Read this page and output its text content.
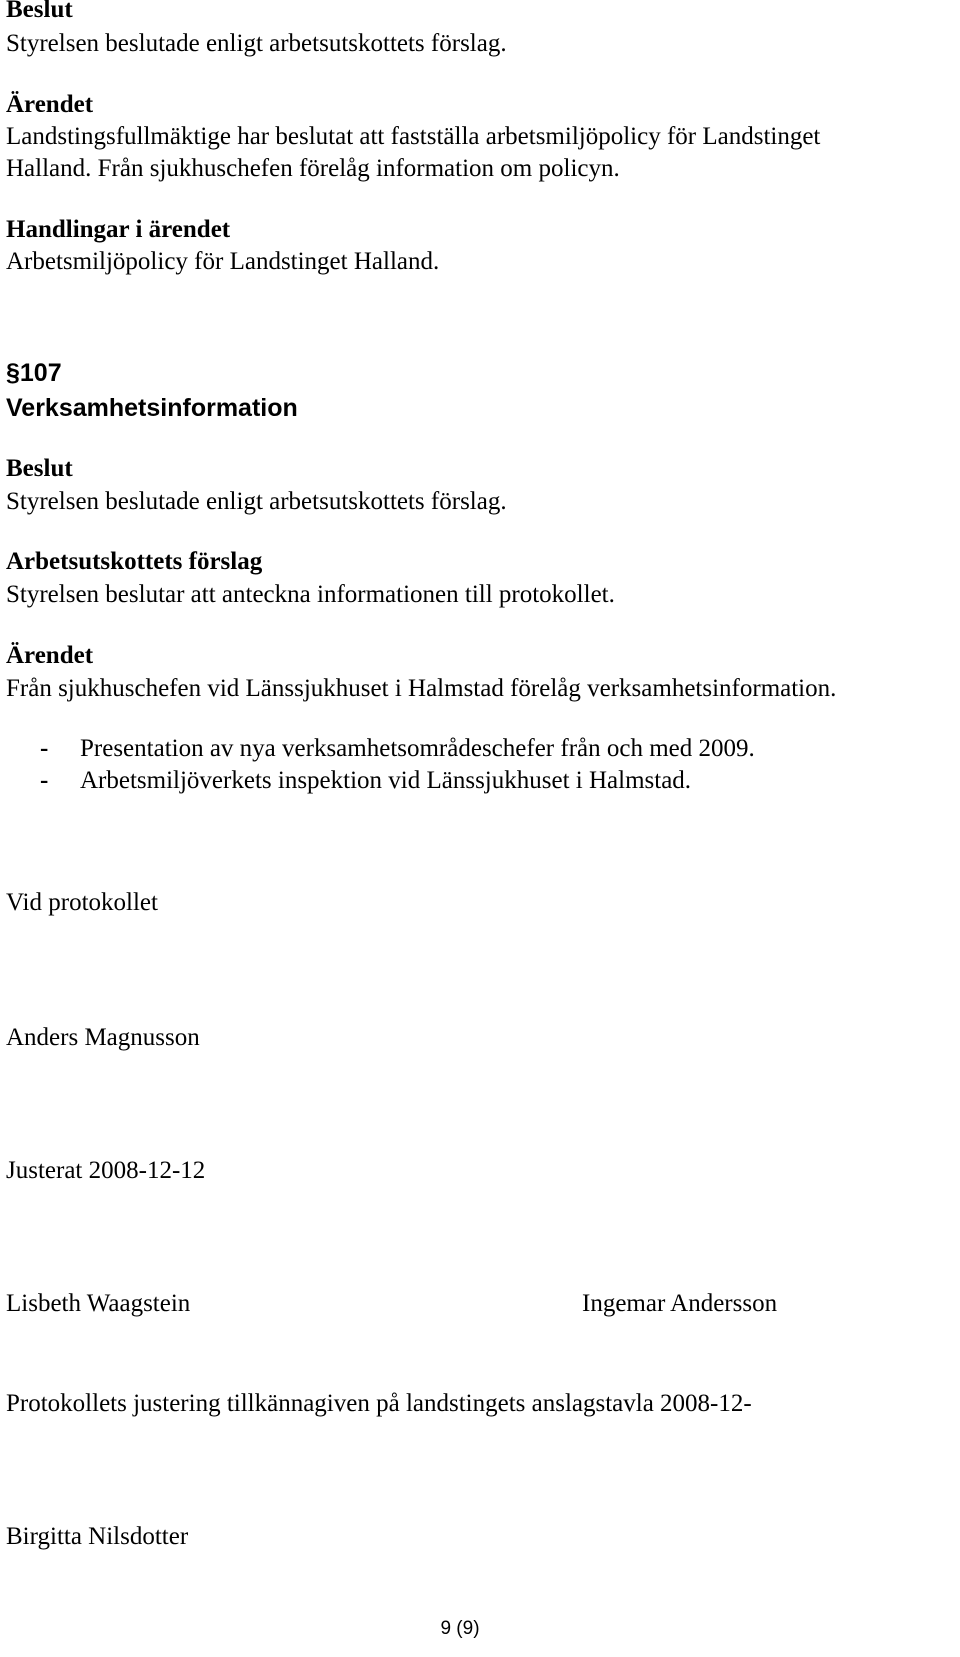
Beslut
Styrelsen beslutade enligt arbetsutskottets förslag.
Ärendet
Landstingsfullmäktige har beslutat att fastställa arbetsmiljöpolicy för Landstinget
Halland. Från sjukhuschefen förelåg information om policyn.
Handlingar i ärendet
Arbetsmiljöpolicy för Landstinget Halland.
§107
Verksamhetsinformation
Beslut
Styrelsen beslutade enligt arbetsutskottets förslag.
Arbetsutskottets förslag
Styrelsen beslutar att anteckna informationen till protokollet.
Ärendet
Från sjukhuschefen vid Länssjukhuset i Halmstad förelåg verksamhetsinformation.
- Presentation av nya verksamhetsområdeschefer från och med 2009.
- Arbetsmiljöverkets inspektion vid Länssjukhuset i Halmstad.
Vid protokollet
Anders Magnusson
Justerat 2008-12-12
Lisbeth Waagstein	Ingemar Andersson
Protokollets justering tillkännagiven på landstingets anslagstavla 2008-12-
Birgitta Nilsdotter
9 (9)
